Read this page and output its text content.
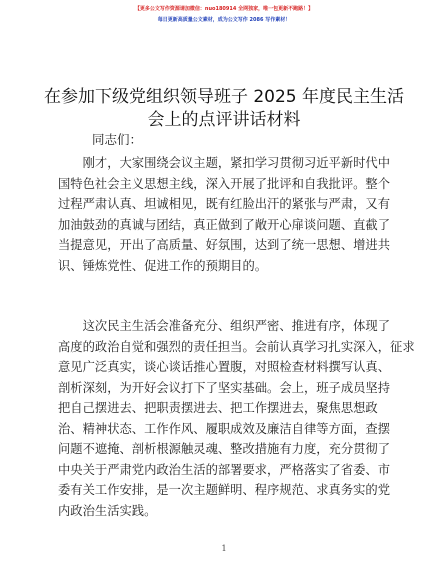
【更多公文写作资源请加微信：nuo180914 全网独家，唯一包更新不跑路！】
每日更新高质量公文素材，成为公文写作 2086 写作素材！
在参加下级党组织领导班子 2025 年度民主生活
会上的点评讲话材料
同志们：
　　刚才，大家围绕会议主题，紧扣学习贯彻习近平新时代中
国特色社会主义思想主线，深入开展了批评和自我批评。整个
过程严肃认真、坦诚相见，既有红脸出汗的紧张与严肃，又有
加油鼓劲的真诚与团结，真正做到了敞开心扉谈问题、直截了
当提意见，开出了高质量、好氛围，达到了统一思想、增进共
识、锤炼党性、促进工作的预期目的。
　　这次民主生活会准备充分、组织严密、推进有序，体现了
高度的政治自觉和强烈的责任担当。会前认真学习扎实深入，征求
意见广泛真实，谈心谈话推心置腹，对照检查材料撰写认真、
剖析深刻，为开好会议打下了坚实基础。会上，班子成员坚持
把自己摆进去、把职责摆进去、把工作摆进去，聚焦思想政
治、精神状态、工作作风、履职成效及廉洁自律等方面，查摆
问题不遮掩、剖析根源触灵魂、整改措施有力度，充分贯彻了
中央关于严肃党内政治生活的部署要求，严格落实了省委、市
委有关工作安排，是一次主题鲜明、程序规范、求真务实的党
内政治生活实践。
1
